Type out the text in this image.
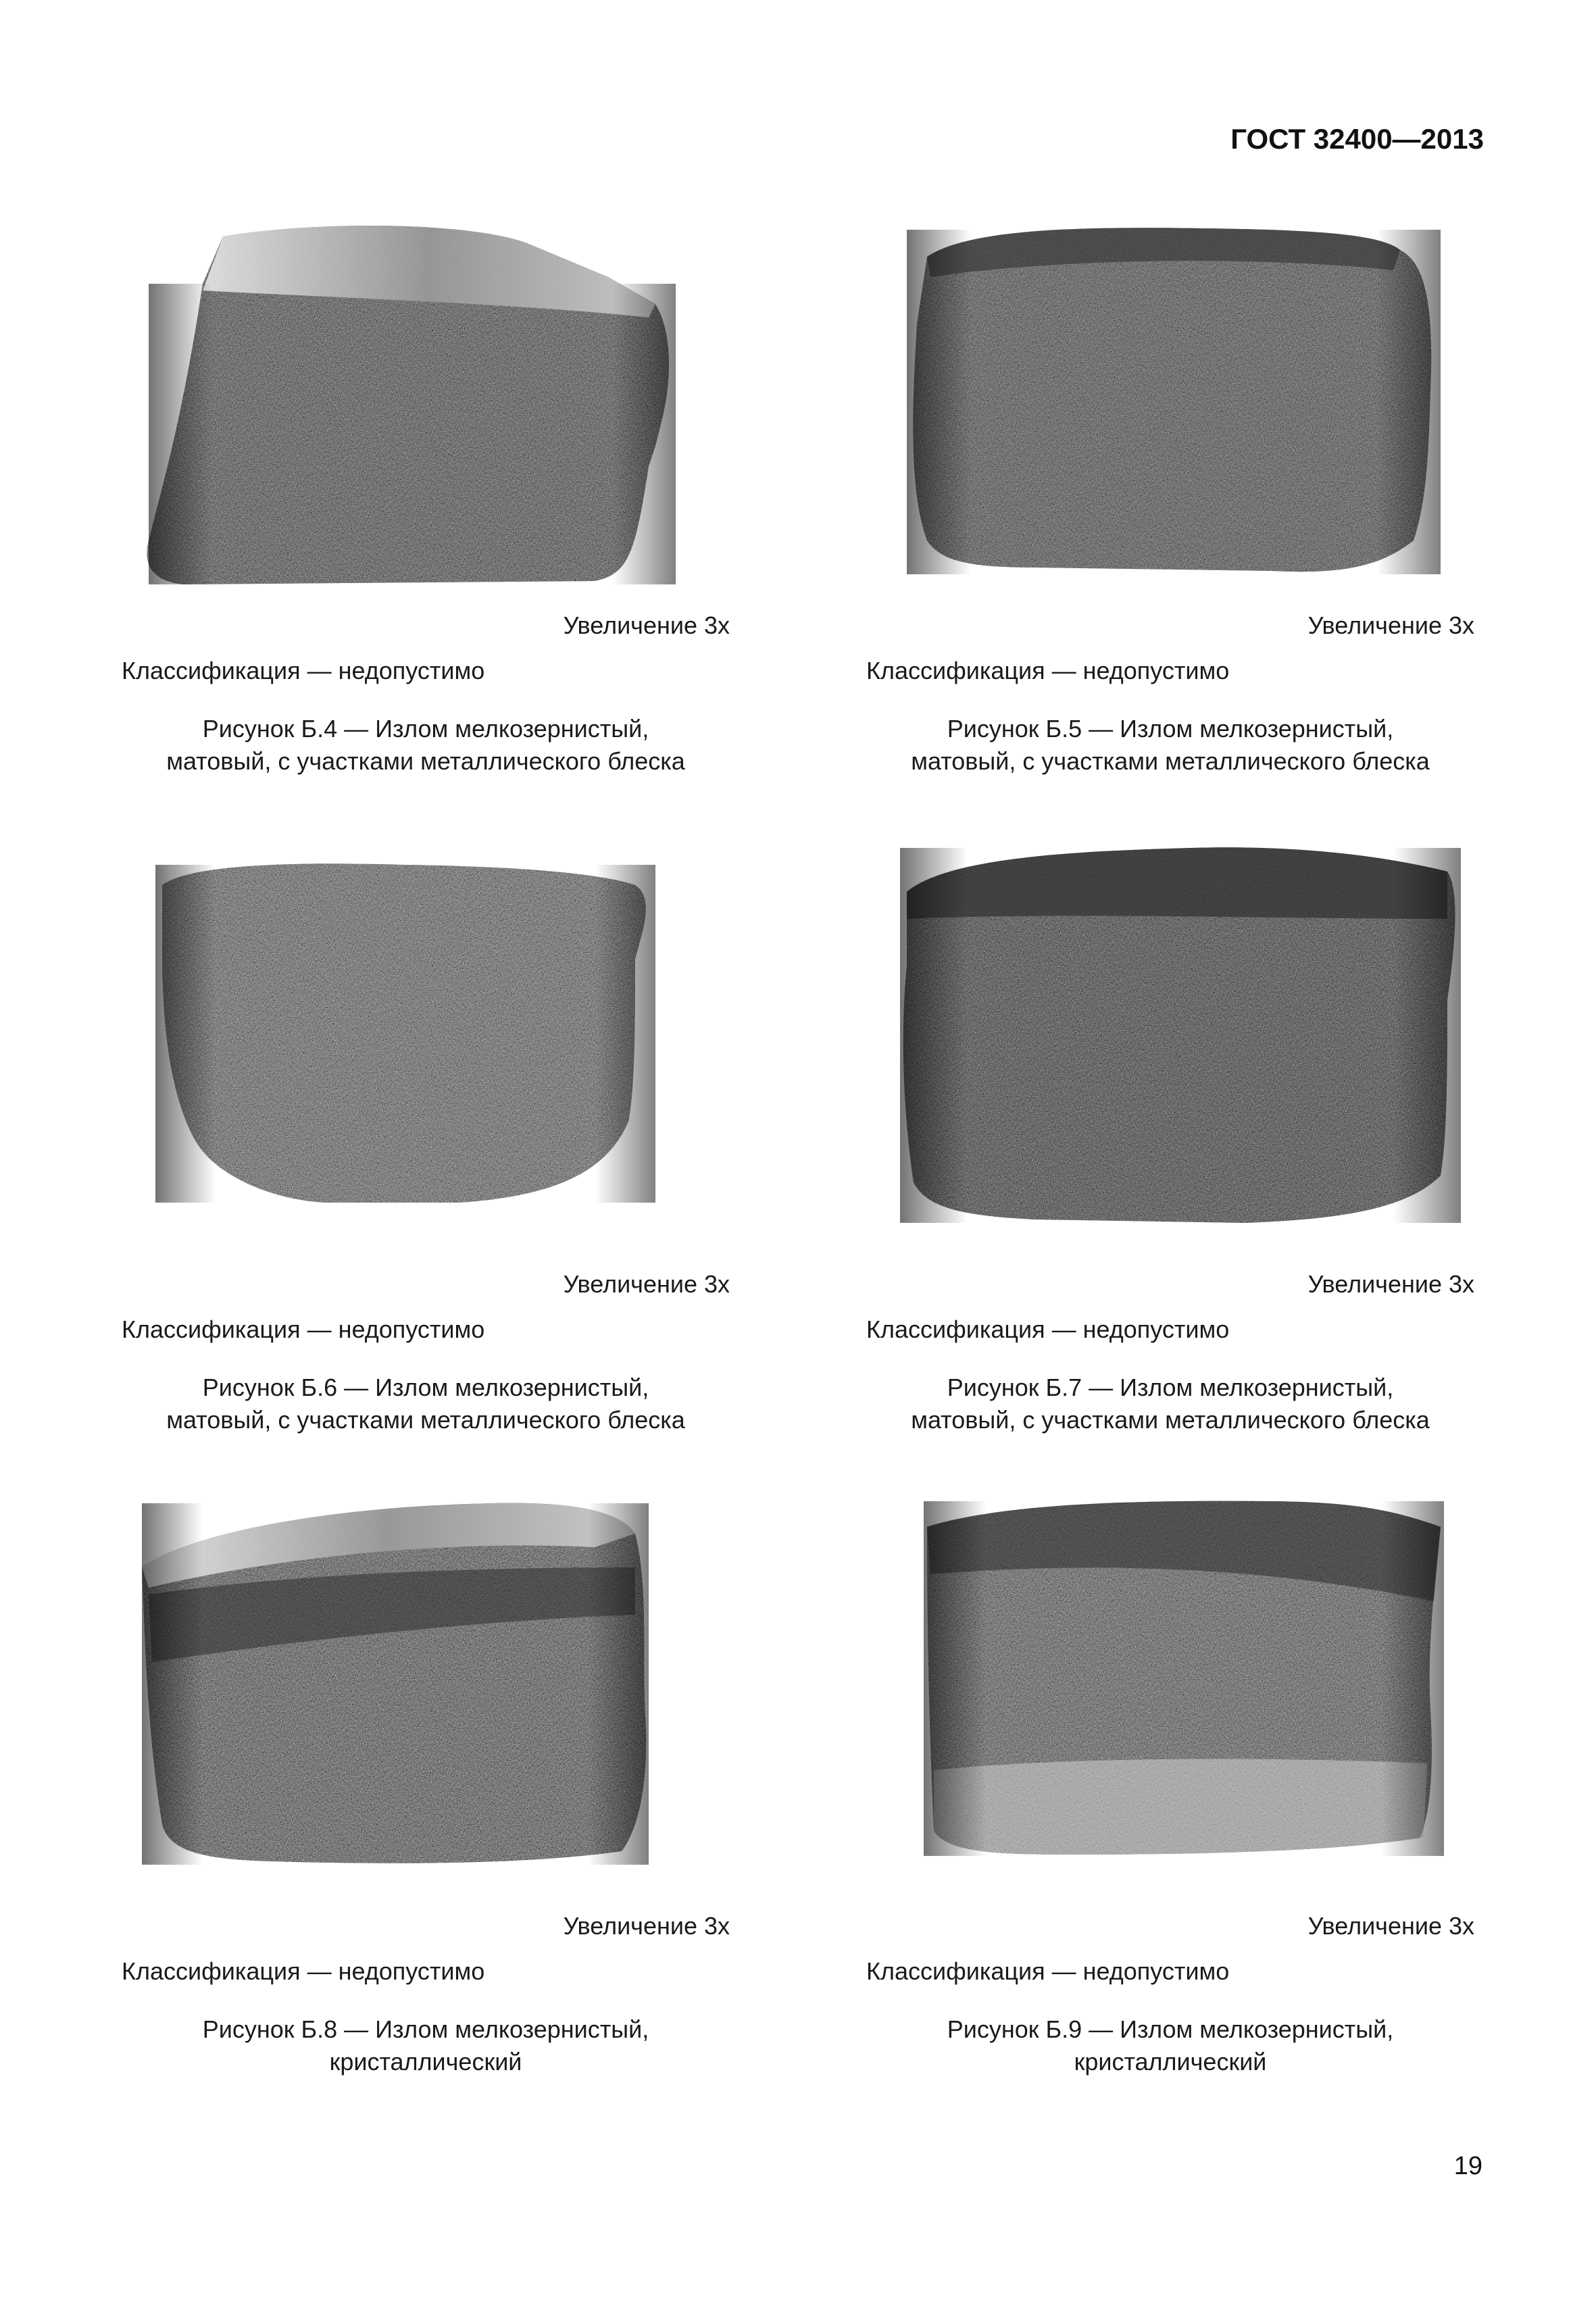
ГОСТ 32400—2013
Увеличение 3х
Классификация — недопустимо
Рисунок Б.4 — Излом мелкозернистый,
матовый, с участками металлического блеска
Увеличение 3х
Классификация — недопустимо
Рисунок Б.5 — Излом мелкозернистый,
матовый, с участками металлического блеска
Увеличение 3х
Классификация — недопустимо
Рисунок Б.6 — Излом мелкозернистый,
матовый, с участками металлического блеска
Увеличение 3х
Классификация — недопустимо
Рисунок Б.7 — Излом мелкозернистый,
матовый, с участками металлического блеска
Увеличение 3х
Классификация — недопустимо
Рисунок Б.8 — Излом мелкозернистый,
кристаллический
Увеличение 3х
Классификация — недопустимо
Рисунок Б.9 — Излом мелкозернистый,
кристаллический
19
